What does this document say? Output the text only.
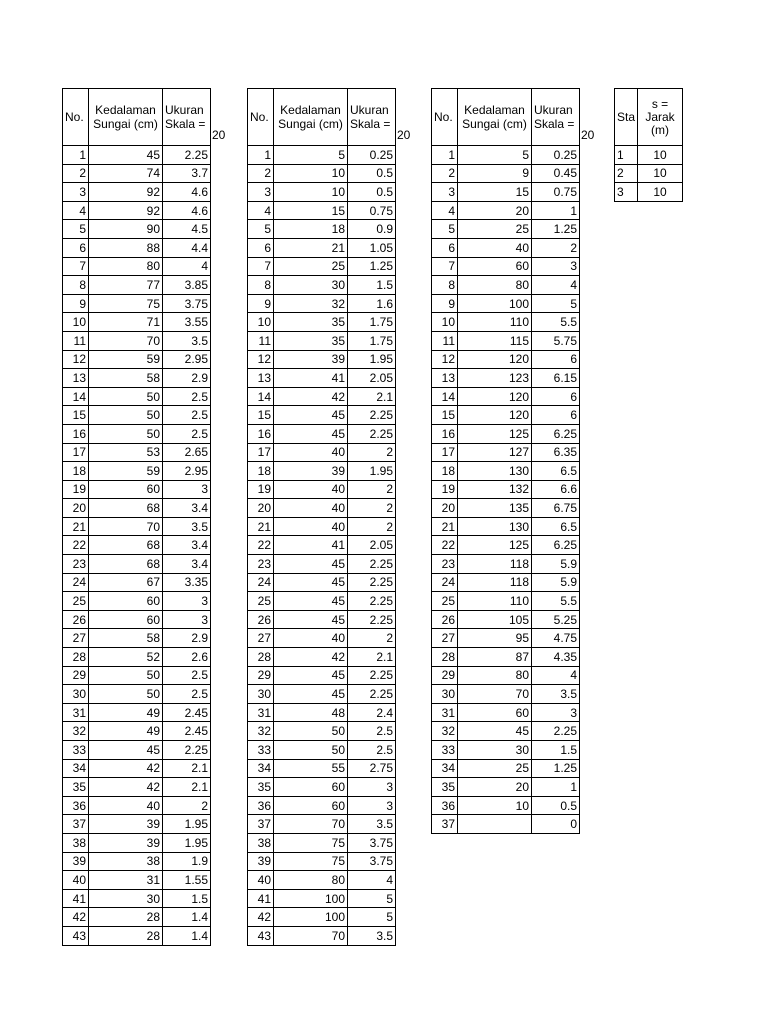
No.	Kedalaman Sungai (cm)	Ukuran Skala =
1	45	2.25
2	74	3.7
3	92	4.6
4	92	4.6
5	90	4.5
6	88	4.4
7	80	4
8	77	3.85
9	75	3.75
10	71	3.55
11	70	3.5
12	59	2.95
13	58	2.9
14	50	2.5
15	50	2.5
16	50	2.5
17	53	2.65
18	59	2.95
19	60	3
20	68	3.4
21	70	3.5
22	68	3.4
23	68	3.4
24	67	3.35
25	60	3
26	60	3
27	58	2.9
28	52	2.6
29	50	2.5
30	50	2.5
31	49	2.45
32	49	2.45
33	45	2.25
34	42	2.1
35	42	2.1
36	40	2
37	39	1.95
38	39	1.95
39	38	1.9
40	31	1.55
41	30	1.5
42	28	1.4
43	28	1.4
20
No.	Kedalaman Sungai (cm)	Ukuran Skala =
1	5	0.25
2	10	0.5
3	10	0.5
4	15	0.75
5	18	0.9
6	21	1.05
7	25	1.25
8	30	1.5
9	32	1.6
10	35	1.75
11	35	1.75
12	39	1.95
13	41	2.05
14	42	2.1
15	45	2.25
16	45	2.25
17	40	2
18	39	1.95
19	40	2
20	40	2
21	40	2
22	41	2.05
23	45	2.25
24	45	2.25
25	45	2.25
26	45	2.25
27	40	2
28	42	2.1
29	45	2.25
30	45	2.25
31	48	2.4
32	50	2.5
33	50	2.5
34	55	2.75
35	60	3
36	60	3
37	70	3.5
38	75	3.75
39	75	3.75
40	80	4
41	100	5
42	100	5
43	70	3.5
20
No.	Kedalaman Sungai (cm)	Ukuran Skala =
1	5	0.25
2	9	0.45
3	15	0.75
4	20	1
5	25	1.25
6	40	2
7	60	3
8	80	4
9	100	5
10	110	5.5
11	115	5.75
12	120	6
13	123	6.15
14	120	6
15	120	6
16	125	6.25
17	127	6.35
18	130	6.5
19	132	6.6
20	135	6.75
21	130	6.5
22	125	6.25
23	118	5.9
24	118	5.9
25	110	5.5
26	105	5.25
27	95	4.75
28	87	4.35
29	80	4
30	70	3.5
31	60	3
32	45	2.25
33	30	1.5
34	25	1.25
35	20	1
36	10	0.5
37		0
20
Sta	s = Jarak (m)
1	10
2	10
3	10
